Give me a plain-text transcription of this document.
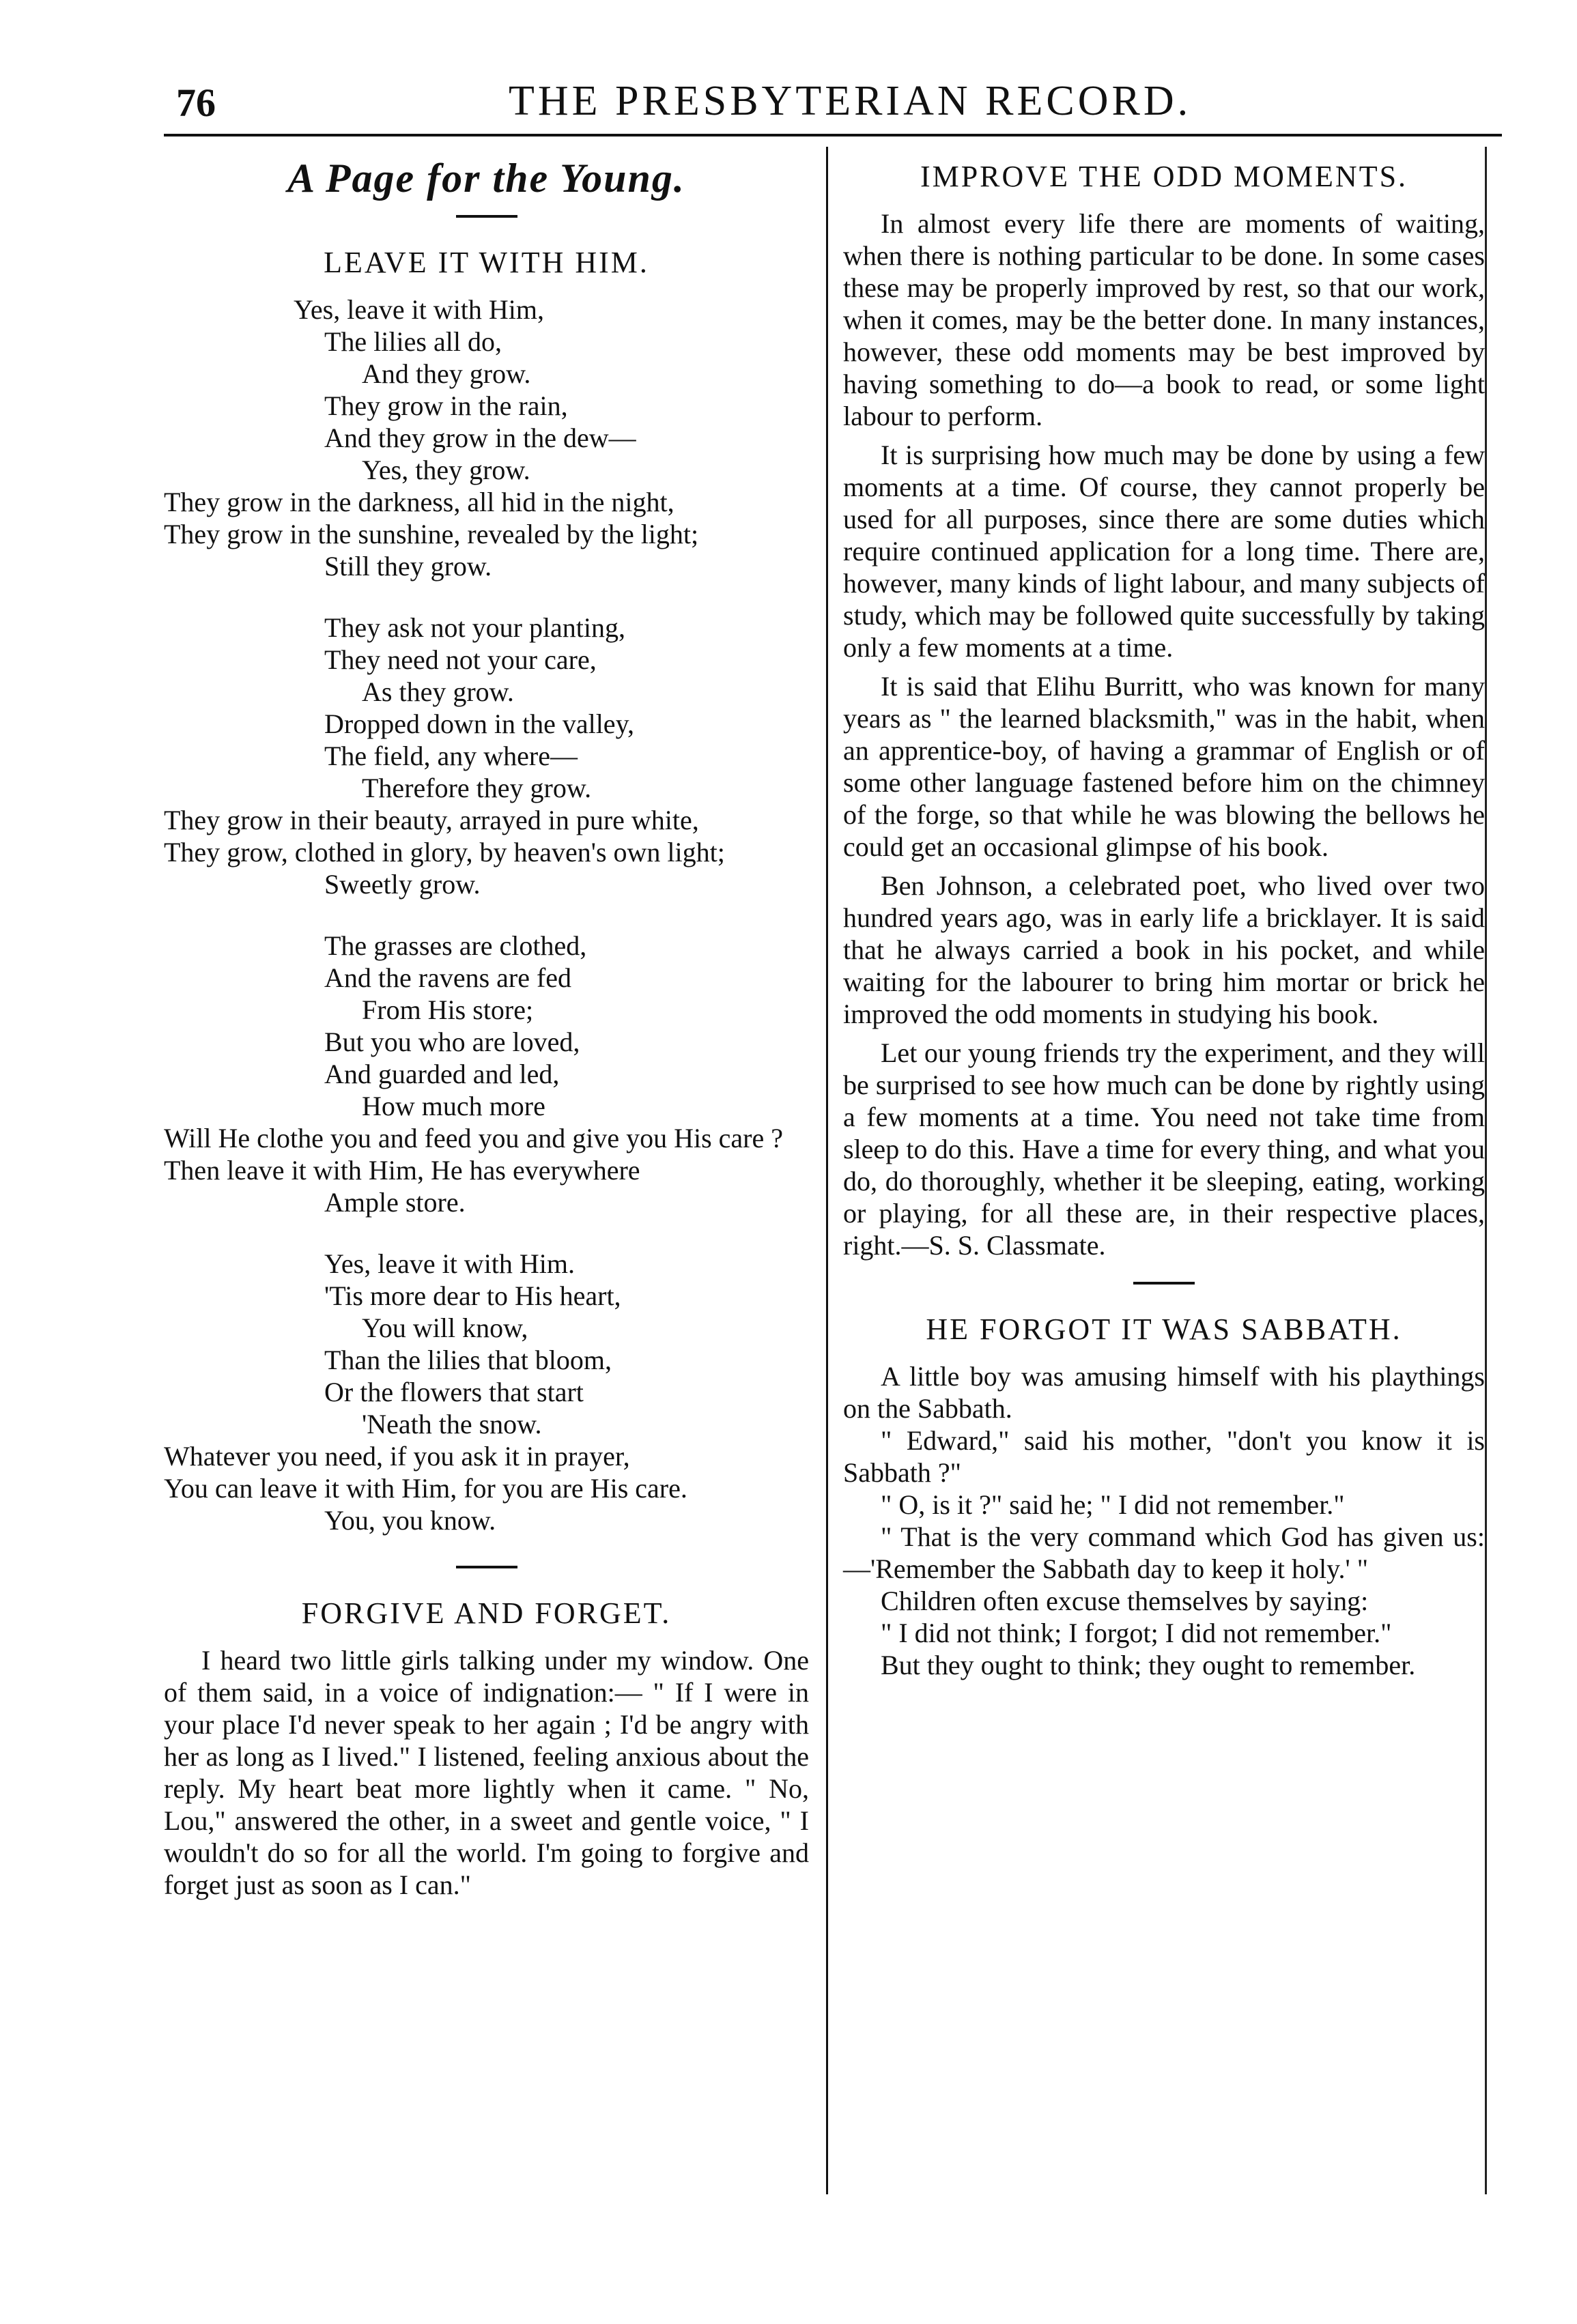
76	THE PRESBYTERIAN RECORD.
A Page for the Young.
LEAVE IT WITH HIM.
Yes, leave it with Him,
The lilies all do,
And they grow.
They grow in the rain,
And they grow in the dew—
Yes, they grow.
They grow in the darkness, all hid in the night,
They grow in the sunshine, revealed by the light;
Still they grow.
They ask not your planting,
They need not your care,
As they grow.
Dropped down in the valley,
The field, any where—
Therefore they grow.
They grow in their beauty, arrayed in pure white,
They grow, clothed in glory, by heaven's own light;
Sweetly grow.
The grasses are clothed,
And the ravens are fed
From His store;
But you who are loved,
And guarded and led,
How much more
Will He clothe you and feed you and give you His care ?
Then leave it with Him, He has everywhere
Ample store.
Yes, leave it with Him.
'Tis more dear to His heart,
You will know,
Than the lilies that bloom,
Or the flowers that start
'Neath the snow.
Whatever you need, if you ask it in prayer,
You can leave it with Him, for you are His care.
You, you know.
FORGIVE AND FORGET.

I heard two little girls talking under my window. One of them said, in a voice of indignation:— " If I were in your place I'd never speak to her again ; I'd be angry with her as long as I lived." I listened, feeling anxious about the reply. My heart beat more lightly when it came. " No, Lou," answered the other, in a sweet and gentle voice, " I wouldn't do so for all the world. I'm going to forgive and forget just as soon as I can."

IMPROVE THE ODD MOMENTS.

In almost every life there are moments of waiting, when there is nothing particular to be done. In some cases these may be properly improved by rest, so that our work, when it comes, may be the better done. In many instances, however, these odd moments may be best improved by having something to do—a book to read, or some light labour to perform.

It is surprising how much may be done by using a few moments at a time. Of course, they cannot properly be used for all purposes, since there are some duties which require continued application for a long time. There are, however, many kinds of light labour, and many subjects of study, which may be followed quite successfully by taking only a few moments at a time.

It is said that Elihu Burritt, who was known for many years as " the learned blacksmith," was in the habit, when an apprentice-boy, of having a grammar of English or of some other language fastened before him on the chimney of the forge, so that while he was blowing the bellows he could get an occasional glimpse of his book.

Ben Johnson, a celebrated poet, who lived over two hundred years ago, was in early life a bricklayer. It is said that he always carried a book in his pocket, and while waiting for the labourer to bring him mortar or brick he improved the odd moments in studying his book.

Let our young friends try the experiment, and they will be surprised to see how much can be done by rightly using a few moments at a time. You need not take time from sleep to do this. Have a time for every thing, and what you do, do thoroughly, whether it be sleeping, eating, working or playing, for all these are, in their respective places, right.—S. S. Classmate.

HE FORGOT IT WAS SABBATH.

A little boy was amusing himself with his playthings on the Sabbath.

" Edward," said his mother, "don't you know it is Sabbath ?"

" O, is it ?" said he; " I did not remember."

" That is the very command which God has given us:—'Remember the Sabbath day to keep it holy.' "

Children often excuse themselves by saying:

" I did not think; I forgot; I did not remember."

But they ought to think; they ought to remember.
